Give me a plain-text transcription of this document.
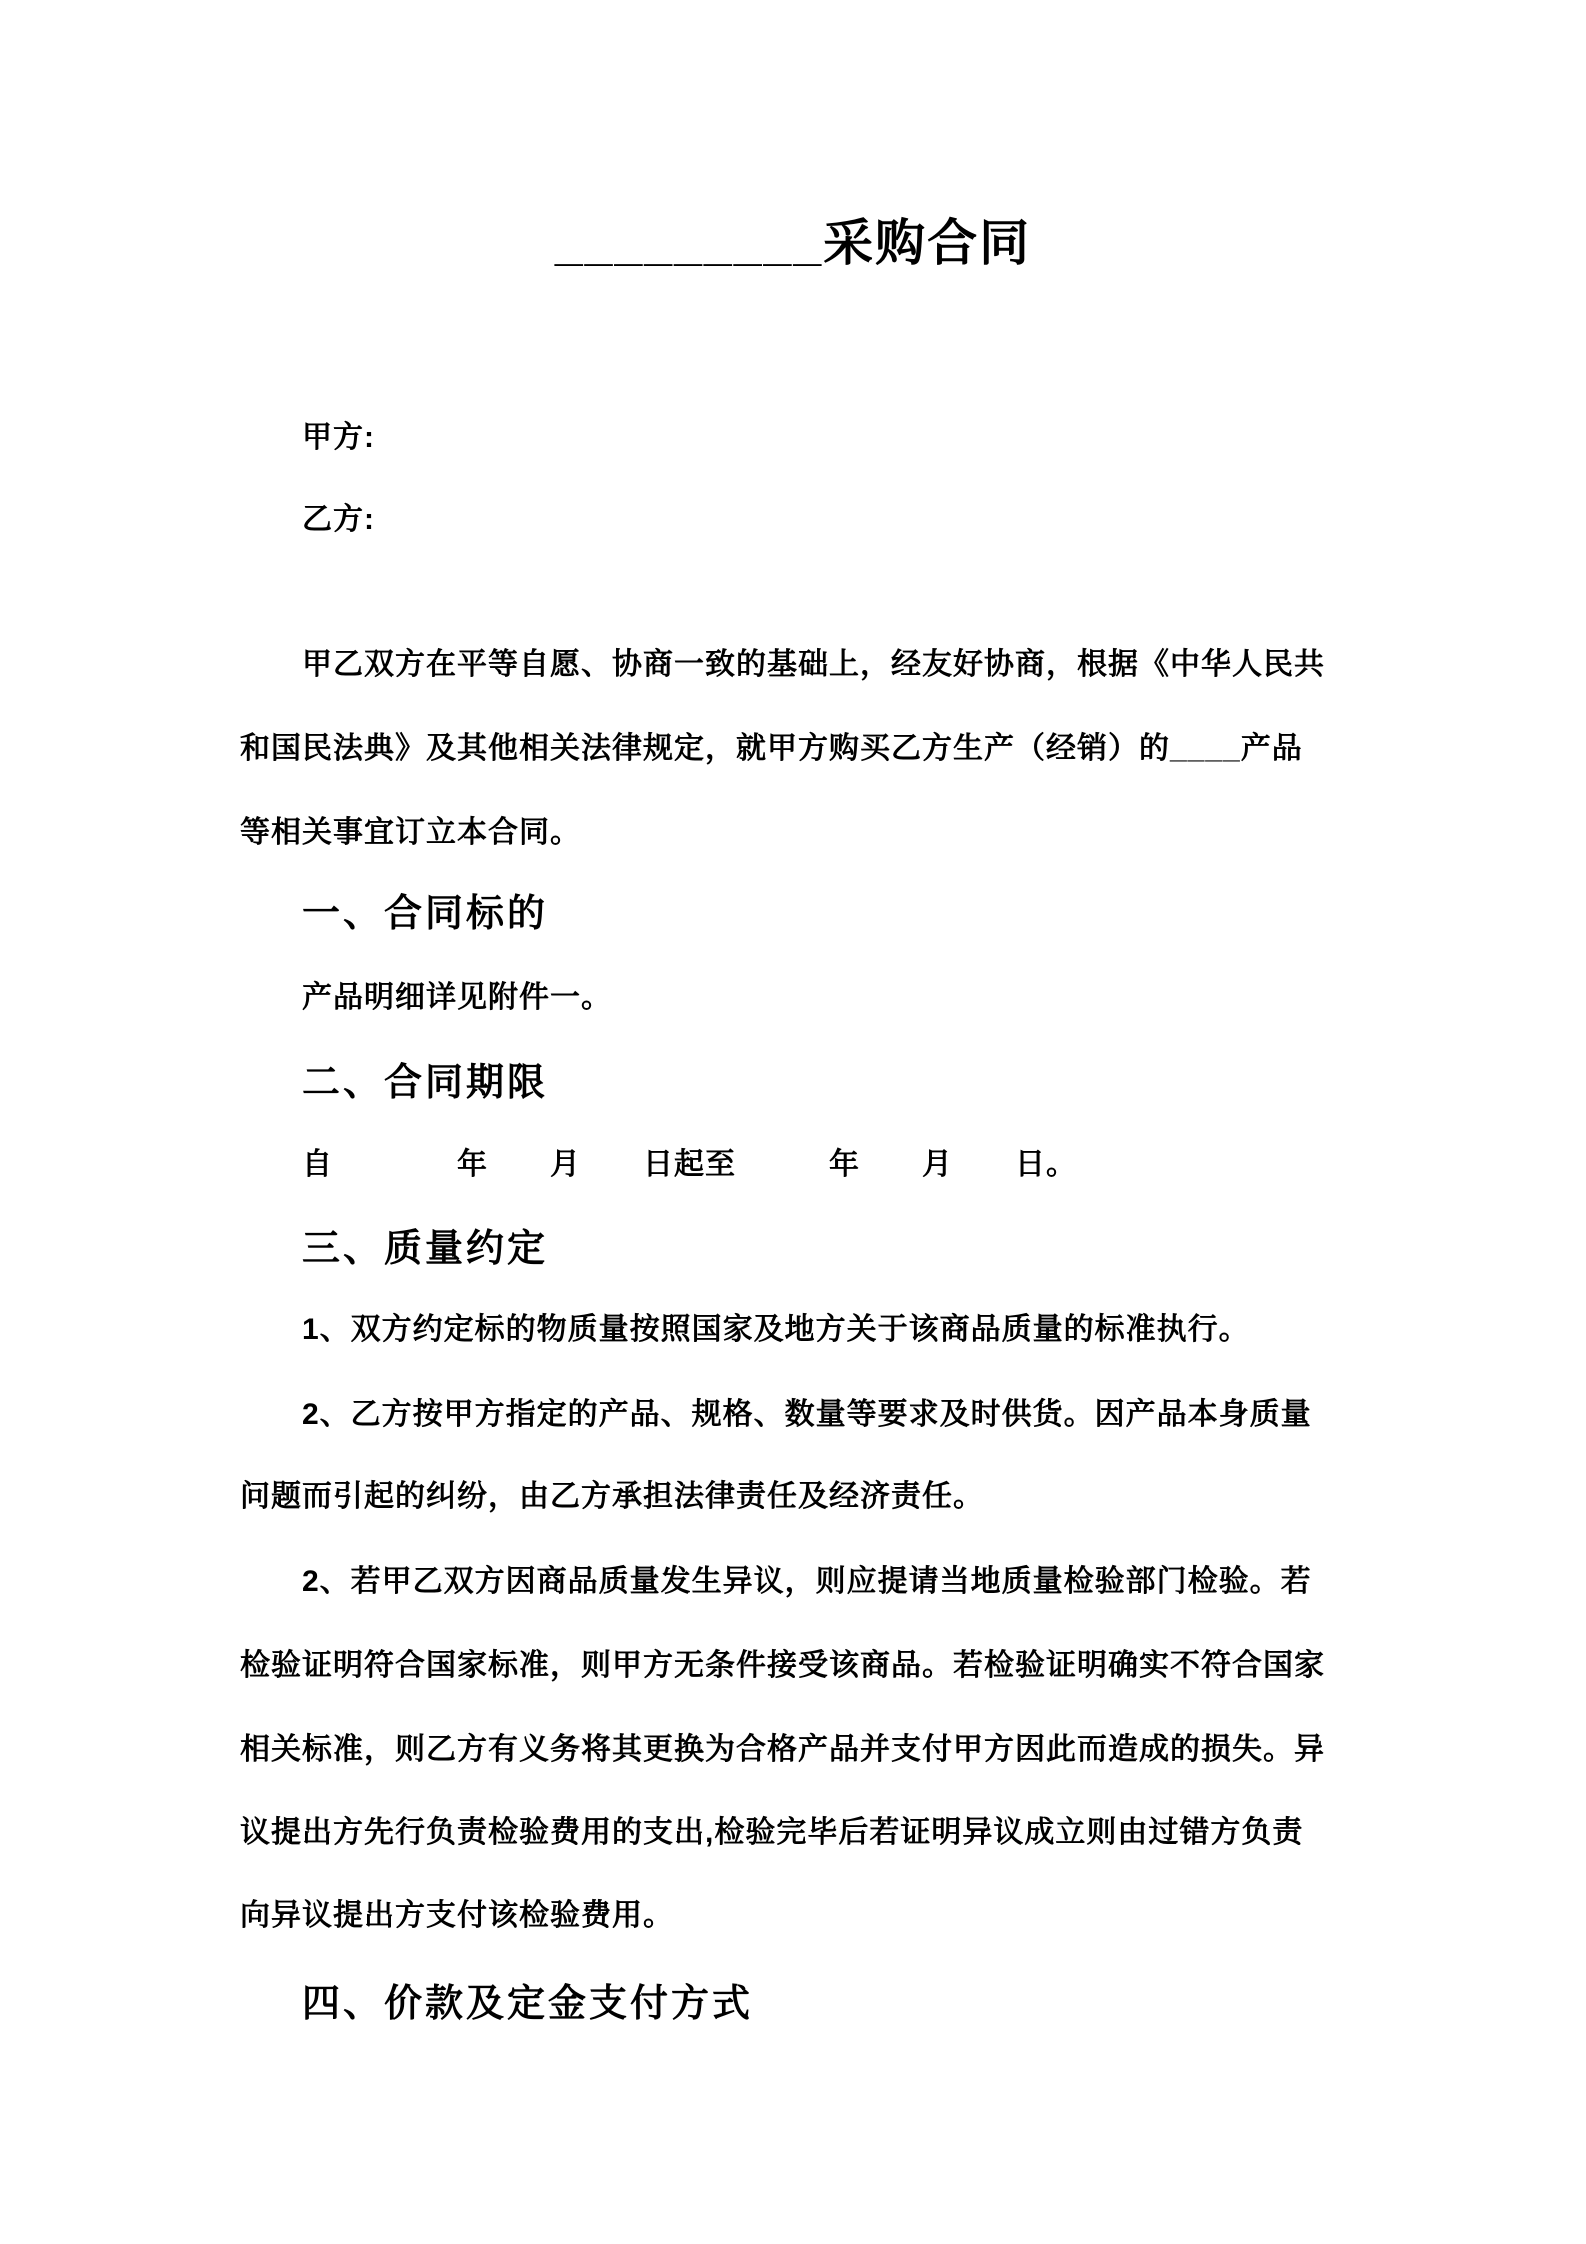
_________采购合同
甲方:
乙方:
甲乙双方在平等自愿、协商一致的基础上，经友好协商，根据《中华人民共
和国民法典》及其他相关法律规定，就甲方购买乙方生产（经销）的____产品
等相关事宜订立本合同。
一、合同标的
产品明细详见附件一。
二、合同期限
自　　　　年　　月　　日起至　　　年　　月　　日。
三、质量约定
1、双方约定标的物质量按照国家及地方关于该商品质量的标准执行。
2、乙方按甲方指定的产品、规格、数量等要求及时供货。因产品本身质量
问题而引起的纠纷，由乙方承担法律责任及经济责任。
2、若甲乙双方因商品质量发生异议，则应提请当地质量检验部门检验。若
检验证明符合国家标准，则甲方无条件接受该商品。若检验证明确实不符合国家
相关标准，则乙方有义务将其更换为合格产品并支付甲方因此而造成的损失。异
议提出方先行负责检验费用的支出,检验完毕后若证明异议成立则由过错方负责
向异议提出方支付该检验费用。
四、价款及定金支付方式
